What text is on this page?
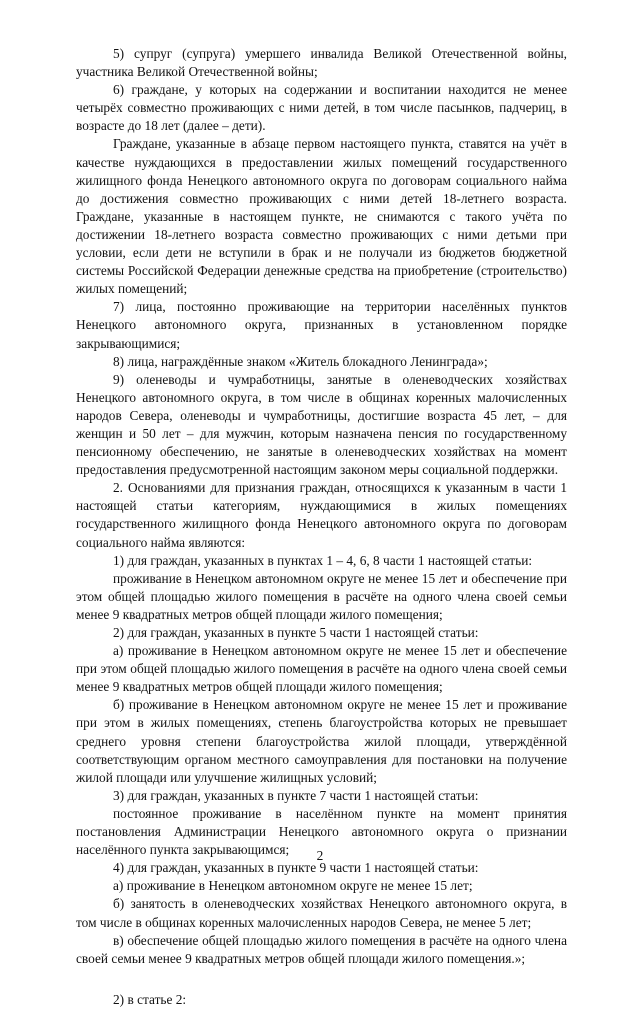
5) супруг (супруга) умершего инвалида Великой Отечественной войны, участника Великой Отечественной войны;

6) граждане, у которых на содержании и воспитании находится не менее четырёх совместно проживающих с ними детей, в том числе пасынков, падчериц, в возрасте до 18 лет (далее – дети).

Граждане, указанные в абзаце первом настоящего пункта, ставятся на учёт в качестве нуждающихся в предоставлении жилых помещений государственного жилищного фонда Ненецкого автономного округа по договорам социального найма до достижения совместно проживающих с ними детей 18-летнего возраста. Граждане, указанные в настоящем пункте, не снимаются с такого учёта по достижении 18-летнего возраста совместно проживающих с ними детьми при условии, если дети не вступили в брак и не получали из бюджетов бюджетной системы Российской Федерации денежные средства на приобретение (строительство) жилых помещений;

7) лица, постоянно проживающие на территории населённых пунктов Ненецкого автономного округа, признанных в установленном порядке закрывающимися;

8) лица, награждённые знаком «Житель блокадного Ленинграда»;

9) оленеводы и чумработницы, занятые в оленеводческих хозяйствах Ненецкого автономного округа, в том числе в общинах коренных малочисленных народов Севера, оленеводы и чумработницы, достигшие возраста 45 лет, – для женщин и 50 лет – для мужчин, которым назначена пенсия по государственному пенсионному обеспечению, не занятые в оленеводческих хозяйствах на момент предоставления предусмотренной настоящим законом меры социальной поддержки.

2. Основаниями для признания граждан, относящихся к указанным в части 1 настоящей статьи категориям, нуждающимися в жилых помещениях государственного жилищного фонда Ненецкого автономного округа по договорам социального найма являются:

1) для граждан, указанных в пунктах 1 – 4, 6, 8 части 1 настоящей статьи:

проживание в Ненецком автономном округе не менее 15 лет и обеспечение при этом общей площадью жилого помещения в расчёте на одного члена своей семьи менее 9 квадратных метров общей площади жилого помещения;

2) для граждан, указанных в пункте 5 части 1 настоящей статьи:

а) проживание в Ненецком автономном округе не менее 15 лет и обеспечение при этом общей площадью жилого помещения в расчёте на одного члена своей семьи менее 9 квадратных метров общей площади жилого помещения;

б) проживание в Ненецком автономном округе не менее 15 лет и проживание при этом в жилых помещениях, степень благоустройства которых не превышает среднего уровня степени благоустройства жилой площади, утверждённой соответствующим органом местного самоуправления для постановки на получение жилой площади или улучшение жилищных условий;

3) для граждан, указанных в пункте 7 части 1 настоящей статьи:

постоянное проживание в населённом пункте на момент принятия постановления Администрации Ненецкого автономного округа о признании населённого пункта закрывающимся;

4) для граждан, указанных в пункте 9 части 1 настоящей статьи:

а) проживание в Ненецком автономном округе не менее 15 лет;

б) занятость в оленеводческих хозяйствах Ненецкого автономного округа, в том числе в общинах коренных малочисленных народов Севера, не менее 5 лет;

в) обеспечение общей площадью жилого помещения в расчёте на одного члена своей семьи менее 9 квадратных метров общей площади жилого помещения.»;

2) в статье 2:

2
